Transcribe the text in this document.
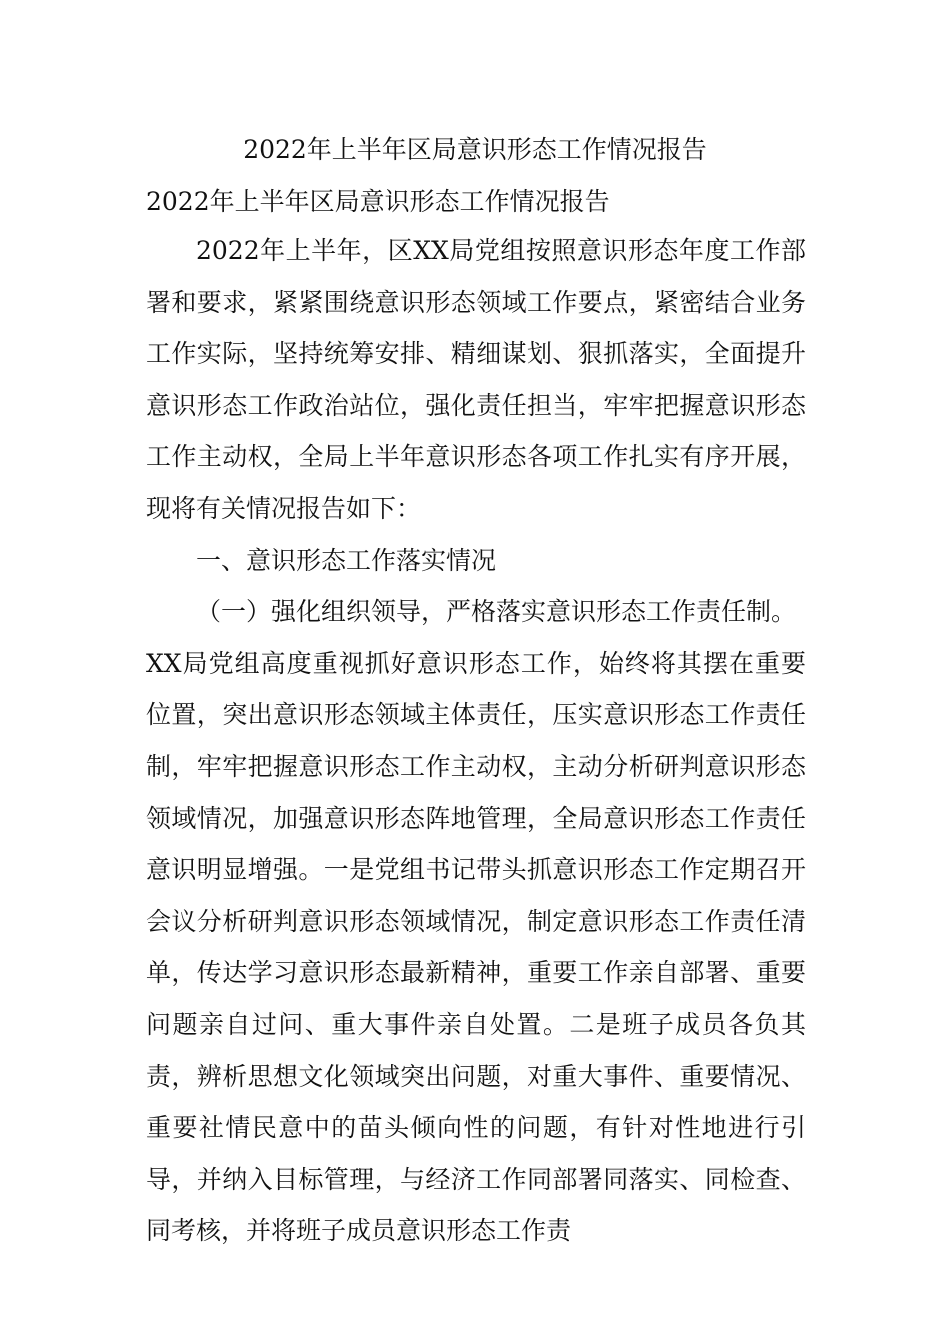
2022年上半年区局意识形态工作情况报告
2022年上半年区局意识形态工作情况报告

2022年上半年，区XX局党组按照意识形态年度工作部署和要求，紧紧围绕意识形态领域工作要点，紧密结合业务工作实际，坚持统筹安排、精细谋划、狠抓落实，全面提升意识形态工作政治站位，强化责任担当，牢牢把握意识形态工作主动权，全局上半年意识形态各项工作扎实有序开展，现将有关情况报告如下：

一、意识形态工作落实情况

（一）强化组织领导，严格落实意识形态工作责任制。

XX局党组高度重视抓好意识形态工作，始终将其摆在重要位置，突出意识形态领域主体责任，压实意识形态工作责任制，牢牢把握意识形态工作主动权，主动分析研判意识形态领域情况，加强意识形态阵地管理，全局意识形态工作责任意识明显增强。一是党组书记带头抓意识形态工作定期召开会议分析研判意识形态领域情况，制定意识形态工作责任清单，传达学习意识形态最新精神，重要工作亲自部署、重要问题亲自过问、重大事件亲自处置。二是班子成员各负其责，辨析思想文化领域突出问题，对重大事件、重要情况、重要社情民意中的苗头倾向性的问题，有针对性地进行引导，并纳入目标管理，与经济工作同部署同落实、同检查、同考核，并将班子成员意识形态工作责
